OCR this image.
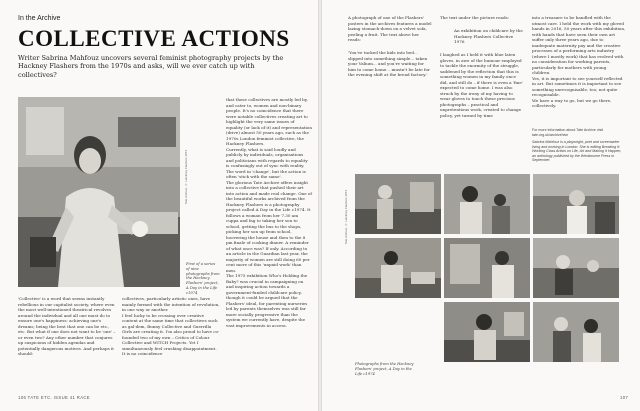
In the Archive
COLLECTIVE ACTIONS
Writer Sabrina Mahfouz uncovers several feminist photography projects by the Hackney Flashers from the 1970s and asks, will we ever catch up with collectives?
First of a series of nine photographs from the Hackney Flashers' project, A Day in the Life c1974
Tate Archive, © Hackney Flashers 1974
'Collective' is a word that seems instantly rebellious in our capitalist society, where even the most well-intentioned theatrical revolves around the individual and all one must do to ensure one's happiness: achieving one's dreams; being the best that one can be etc., etc. But what if one does not want to be 'one' – or even two? Any other number that conjures up suspicions of hidden agendas and potentially dangerous motives. And perhaps it should:
collectives, particularly artistic ones, have mainly formed with the intention of revolution, in one way or another.
I feel lucky to be crossing over creative content at the same time that collectives such as gal-dem, Bunny Collective and Guerrilla Girls are creating it. I'm also proud to have co-founded two of my own – Critics of Colour Collective and WITCH Projects. Yet I simultaneously feel crushing disappointment. It is no coincidence
that these collectives are mostly led by, and cater to, women and non-binary people. It's no coincidence that there were notable collectives creating art to highlight the very same issues of equality (or lack of it) and representation (drive) almost 50 years ago, such as the 1970s London feminist collective, the Hackney Flashers.
Currently, what is said loudly and publicly by individuals, organisations and politicians with regards to equality is confusingly out of sync with reality. The word in 'change', but the action is often 'stick with the same'.
The glorious Tate Archive offers insight into a collective that pushed their art into action and made real change. One of the beautiful works archived from the Hackney Flashers is a photography project called A Day in the Life c1974. It follows a woman from her 7.30 am cuppa and fag to taking her son to school, getting the bus to the shops, picking her son up from school, hoovering the house and then to the 8 pm finale of cooking dinner. A reminder of what once was? If only. According to an article in the Guardian last year, the majority of women are still doing 60 per cent more of this 'unpaid work' than men.
The 1975 exhibition Who's Holding the Baby? was crucial in campaigning on and inspiring action towards a government-funded childcare policy, though it could be argued that the Flashers' ideal, for parenting nurseries led by parents themselves was still far more socially progressive than the system we currently have, despite the vast improvements in access.
106 TATE ETC. ISSUE 41 RACE
A photograph of one of the Flashers' posters in the archives features a model lazing stomach-down on a velvet sofa, peeling a fruit. The text above her reads:
'You've tucked the kids into bed... slipped into something simple... taken your Valium... and you're waiting for him to come home... mustn't be late for the evening shift at the bread factory.'
The text under the picture reads:
An exhibition on childcare by the Hackney Flashers Collective 1976
I laughed as I held it with blue latex gloves, in awe of the humour employed to tackle the enormity of the struggle, saddened by the reflection that this is something women in my family once did, and still do – if there is even a 'fine' expected to come home. I was also struck by the irony of my having to wear gloves to touch these precious photographs – practical and unpretentious work, created to change policy, yet turned by time
into a treasure to be handled with the utmost care. I held the work with my gloved hands in 2016, 50 years after this exhibition, with hands that have seen their own art suffer only three years ago, due to inadequate maternity pay and the creative processes of a performing arts industry (where I mostly work) that has evolved with no consideration for working parents, particularly for mothers with young children.
Yes, it is important to see yourself reflected in art. But sometimes it is important to see something unrecognisable, too; not quite recognisable.
We have a way to go, but we go there, collectively.
For more information about Tate Archive visit tate.org.uk/archivehive
Sabrina Mahfouz is a playwright, poet and screenwriter living and working in London. She is editing Breaking It: Working Class Artists on Life, Art and Making It Happen, an anthology published by the Westbourne Press in September.
Tate Archive, © Hackney Flashers 1974
Photographs from the Hackney Flashers' project, A Day in the Life c1974
107
